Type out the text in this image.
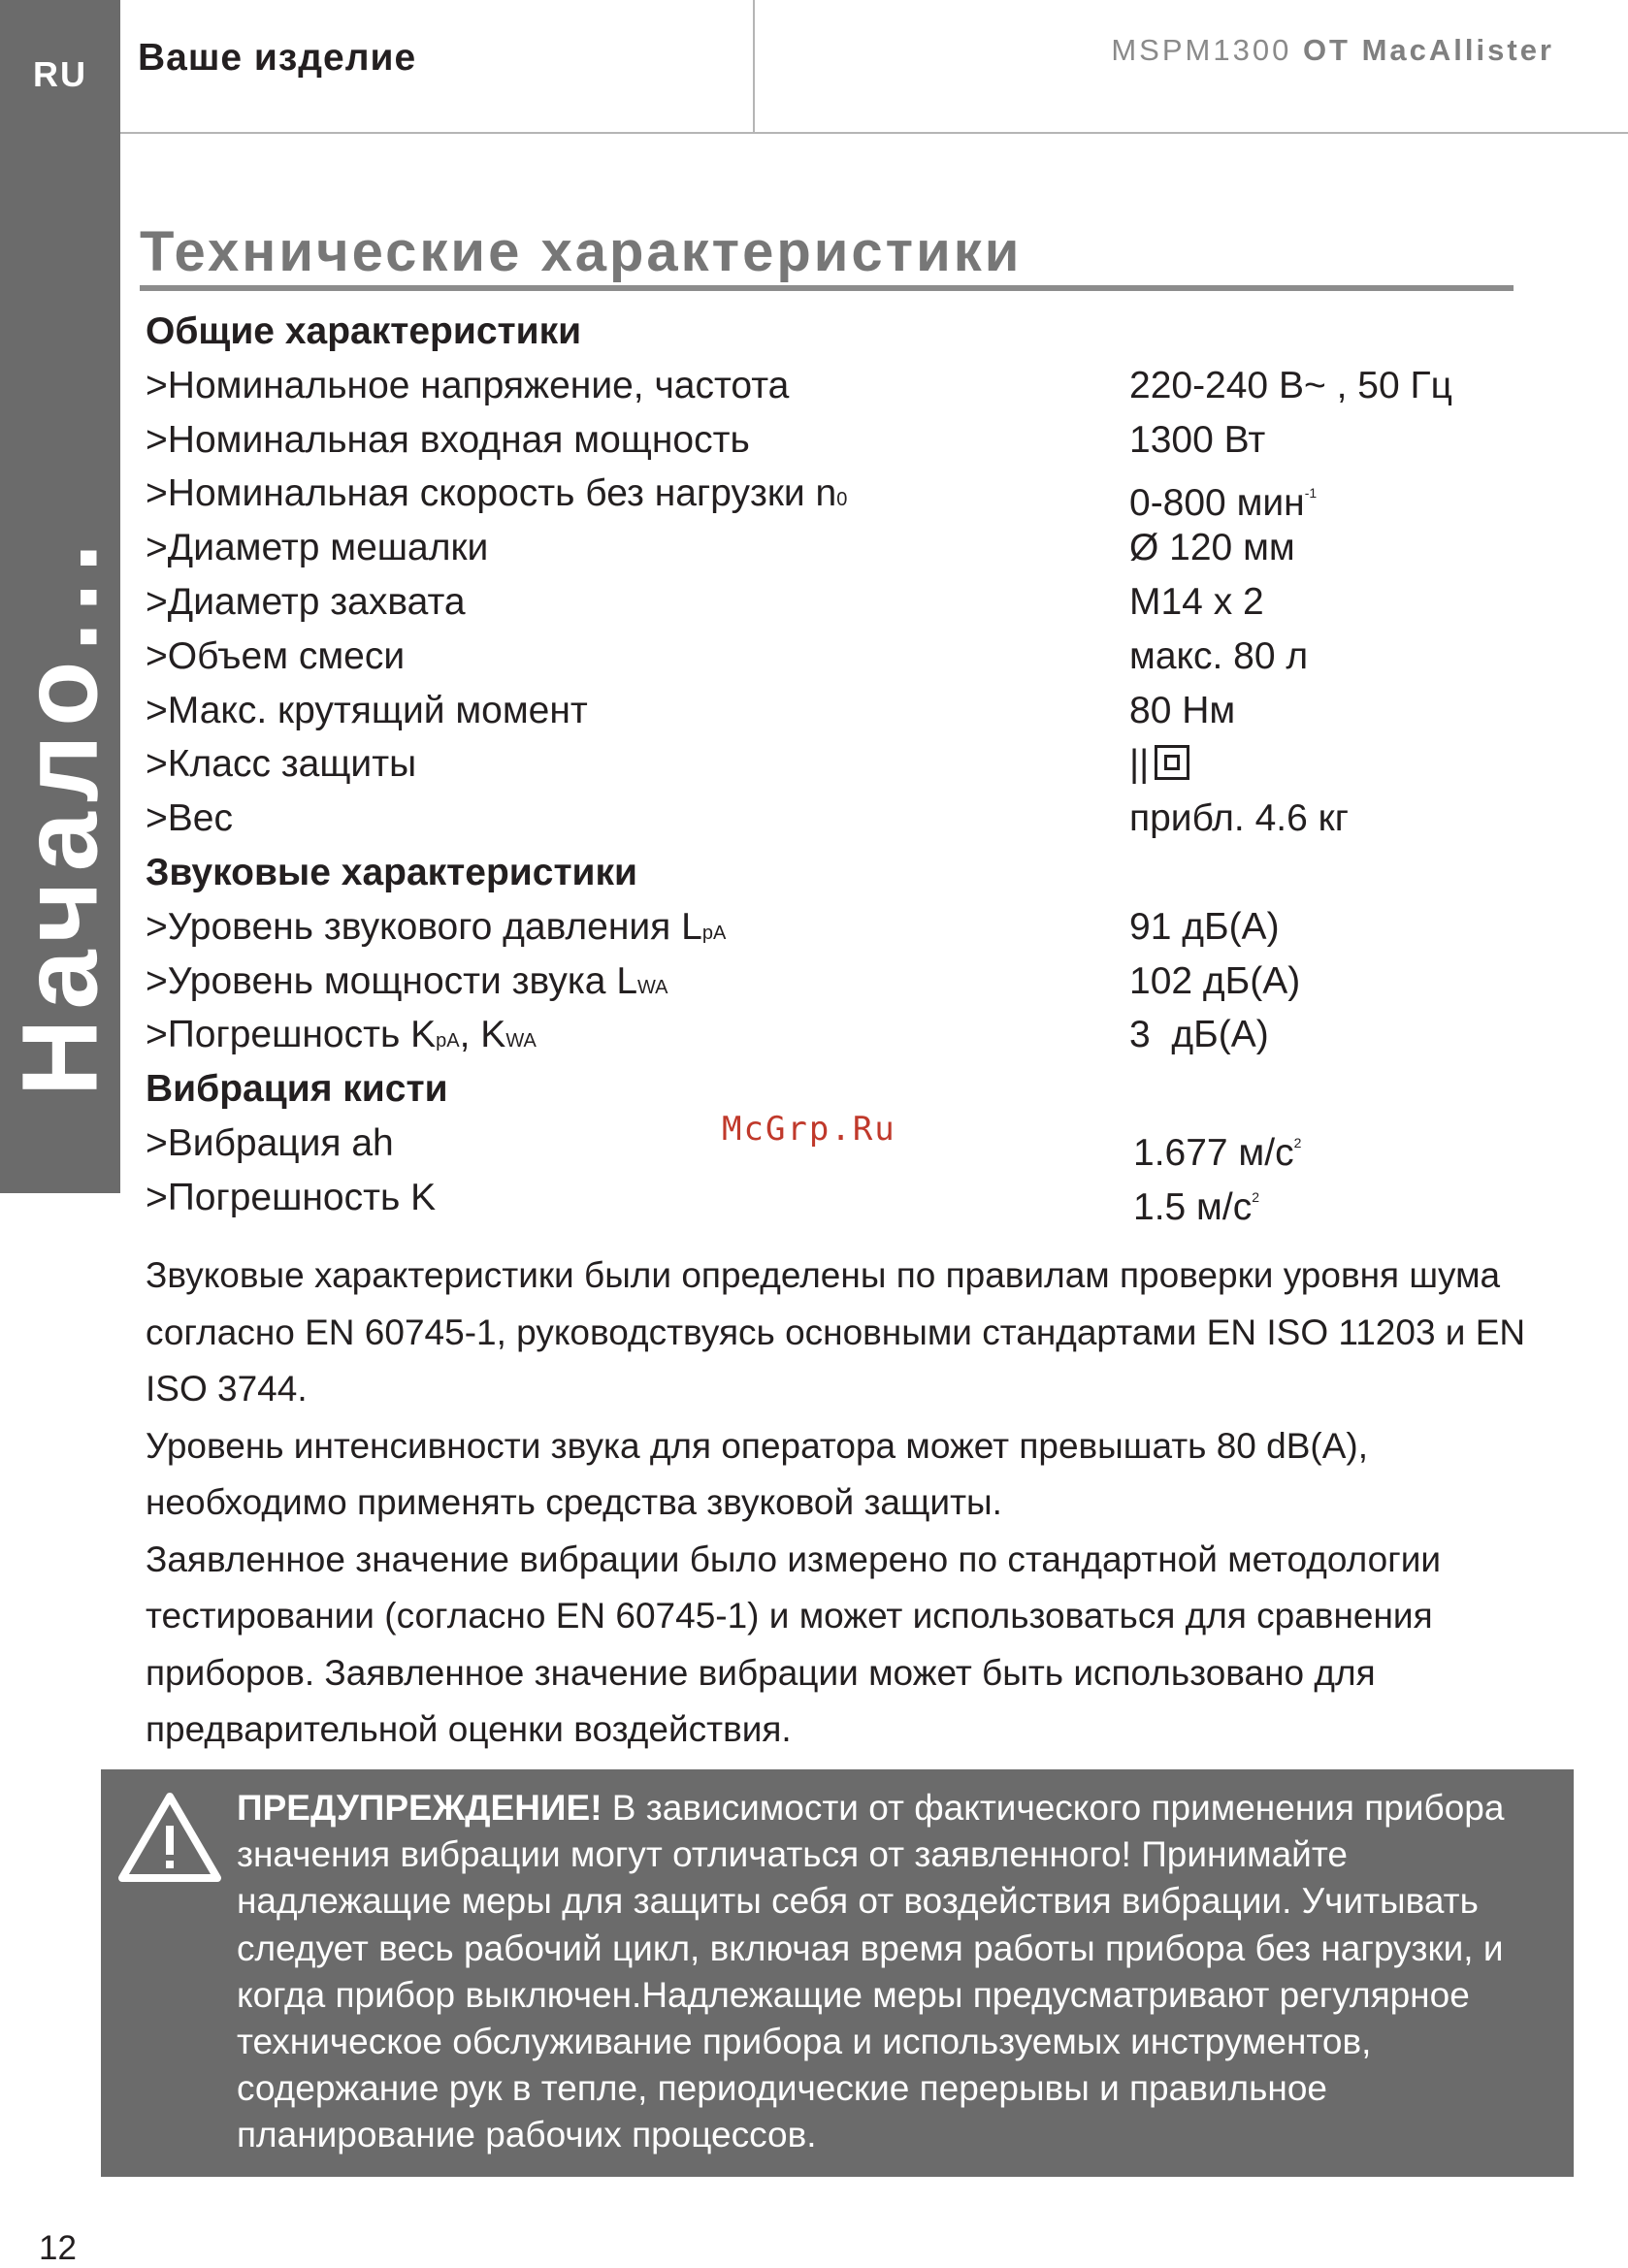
RU
Начало...
Ваше изделие	MSPM1300 OT MacAllister
Технические характеристики
Общие характеристики
>Номинальное напряжение, частота	220-240 В~ , 50 Гц
>Номинальная входная мощность	1300 Вт
>Номинальная скорость без нагрузки n0	0-800 мин$^{-1}$
>Диаметр мешалки	Ø 120 мм
>Диаметр захвата	M14 x 2
>Объем смеси	макс. 80 л
>Макс. крутящий момент	80 Нм
>Класс защиты	||
>Вес	прибл. 4.6 кг
Звуковые характеристики
>Уровень звукового давления LpA	91 дБ(A)
>Уровень мощности звука LWA	102 дБ(A)
>Погрешность KpA, KWA	3  дБ(A)
Вибрация кисти
>Вибрация ah	1.677 $м/с^2$
>Погрешность K	1.5 $м/с^2$
McGrp.Ru

Звуковые характеристики были определены по правилам проверки уровня шума согласно EN 60745-1, руководствуясь основными стандартами EN ISO 11203 и EN ISO 3744.

Уровень интенсивности звука для оператора может превышать 80 dB(A), необходимо применять средства звуковой защиты.

Заявленное значение вибрации было измерено по стандартной методологии тестировании (согласно EN 60745-1) и может использоваться для сравнения приборов. Заявленное значение вибрации может быть использовано для предварительной оценки воздействия.

ПРЕДУПРЕЖДЕНИЕ! В зависимости от фактического применения прибора значения вибрации могут отличаться от заявленного! Принимайте надлежащие меры для защиты себя от воздействия вибрации. Учитывать следует весь рабочий цикл, включая время работы прибора без нагрузки, и когда прибор выключен.Надлежащие меры предусматривают регулярное техническое обслуживание прибора и используемых инструментов, содержание рук в тепле, периодические перерывы и правильное планирование рабочих процессов.
12
